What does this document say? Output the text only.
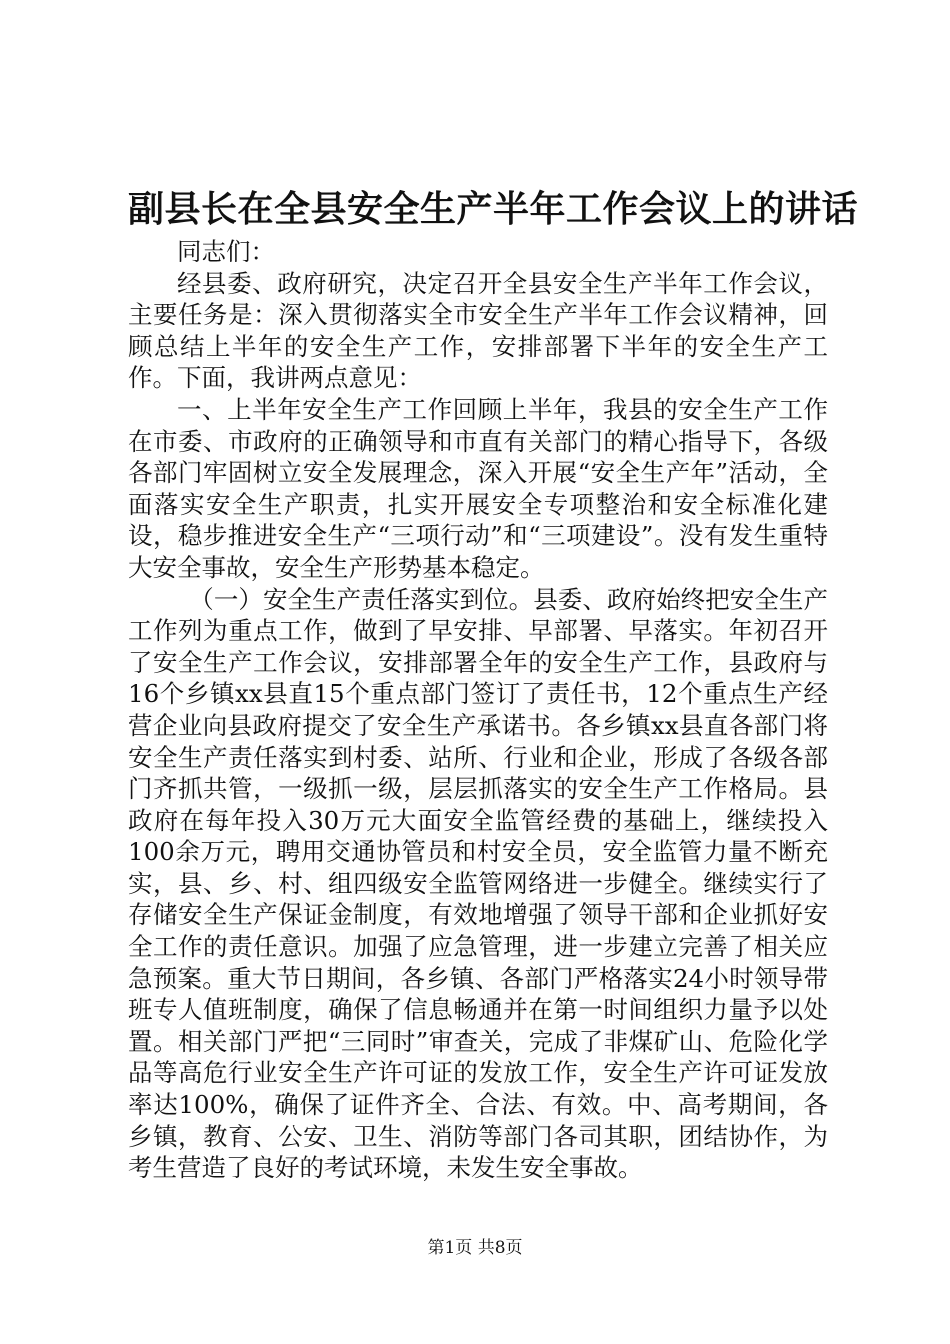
副县长在全县安全生产半年工作会议上的讲话

同志们：

经县委、政府研究，决定召开全县安全生产半年工作会议，主要任务是：深入贯彻落实全市安全生产半年工作会议精神，回顾总结上半年的安全生产工作，安排部署下半年的安全生产工作。下面，我讲两点意见：

一、上半年安全生产工作回顾上半年，我县的安全生产工作在市委、市政府的正确领导和市直有关部门的精心指导下，各级各部门牢固树立安全发展理念，深入开展“安全生产年”活动，全面落实安全生产职责，扎实开展安全专项整治和安全标准化建设，稳步推进安全生产“三项行动”和“三项建设”。没有发生重特大安全事故，安全生产形势基本稳定。

（一）安全生产责任落实到位。县委、政府始终把安全生产工作列为重点工作，做到了早安排、早部署、早落实。年初召开了安全生产工作会议，安排部署全年的安全生产工作，县政府与16个乡镇xx县直15个重点部门签订了责任书，12个重点生产经营企业向县政府提交了安全生产承诺书。各乡镇xx县直各部门将安全生产责任落实到村委、站所、行业和企业，形成了各级各部门齐抓共管，一级抓一级，层层抓落实的安全生产工作格局。县政府在每年投入30万元大面安全监管经费的基础上，继续投入100余万元，聘用交通协管员和村安全员，安全监管力量不断充实，县、乡、村、组四级安全监管网络进一步健全。继续实行了存储安全生产保证金制度，有效地增强了领导干部和企业抓好安全工作的责任意识。加强了应急管理，进一步建立完善了相关应急预案。重大节日期间，各乡镇、各部门严格落实24小时领导带班专人值班制度，确保了信息畅通并在第一时间组织力量予以处置。相关部门严把“三同时”审查关，完成了非煤矿山、危险化学品等高危行业安全生产许可证的发放工作，安全生产许可证发放率达100%，确保了证件齐全、合法、有效。中、高考期间，各乡镇，教育、公安、卫生、消防等部门各司其职，团结协作，为考生营造了良好的考试环境，未发生安全事故。

第1页 共8页
